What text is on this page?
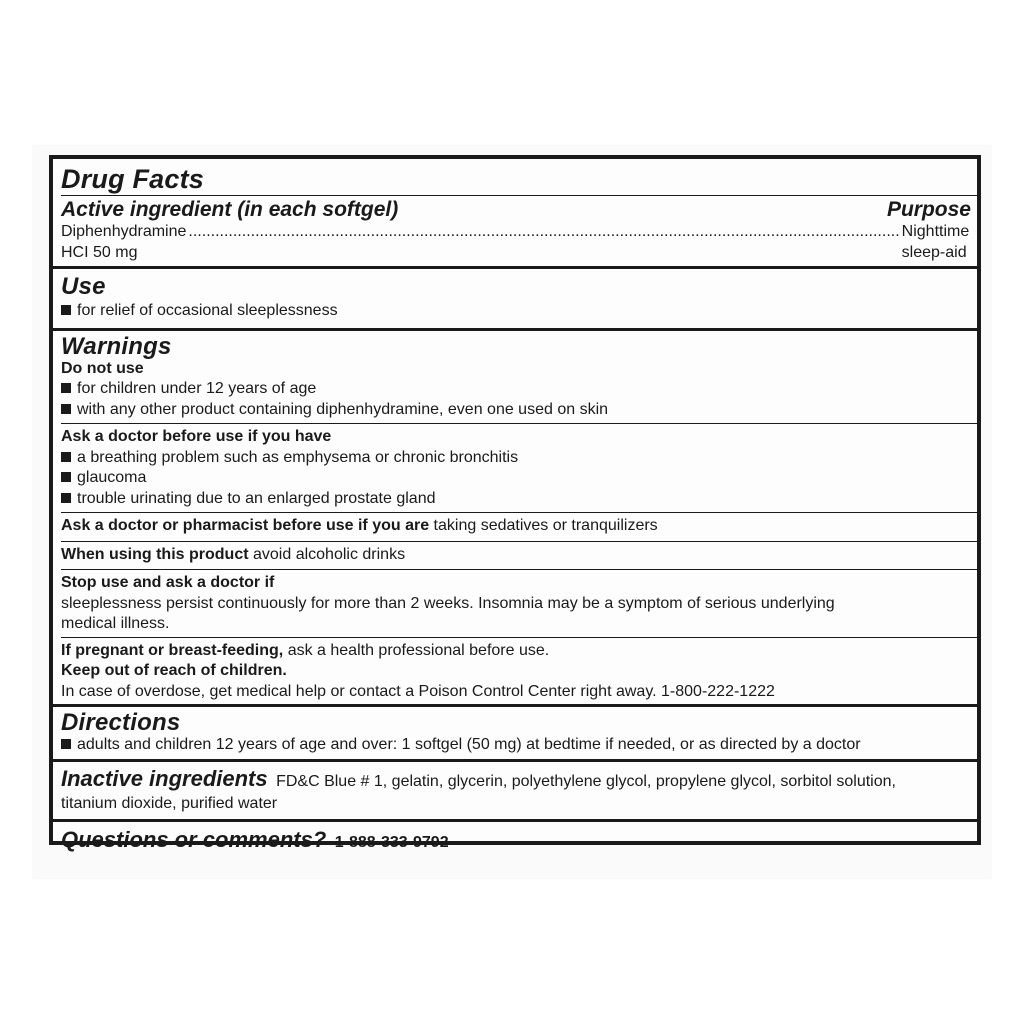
Drug Facts
Active ingredient (in each softgel)	Purpose
Diphenhydramine HCI 50 mg
................................................................................................................................................................ Nighttime sleep-aid
Use
for relief of occasional sleeplessness
Warnings
Do not use
for children under 12 years of age
with any other product containing diphenhydramine, even one used on skin
Ask a doctor before use if you have
a breathing problem such as emphysema or chronic bronchitis
glaucoma
trouble urinating due to an enlarged prostate gland
Ask a doctor or pharmacist before use if you are taking sedatives or tranquilizers
When using this product avoid alcoholic drinks
Stop use and ask a doctor if
sleeplessness persist continuously for more than 2 weeks. Insomnia may be a symptom of serious underlying
medical illness.
If pregnant or breast-feeding, ask a health professional before use.
Keep out of reach of children.
In case of overdose, get medical help or contact a Poison Control Center right away. 1-800-222-1222
Directions
adults and children 12 years of age and over: 1 softgel (50 mg) at bedtime if needed, or as directed by a doctor
Inactive ingredients FD&C Blue # 1, gelatin, glycerin, polyethylene glycol, propylene glycol, sorbitol solution,
titanium dioxide, purified water
Questions or comments? 1-888-333-9792
